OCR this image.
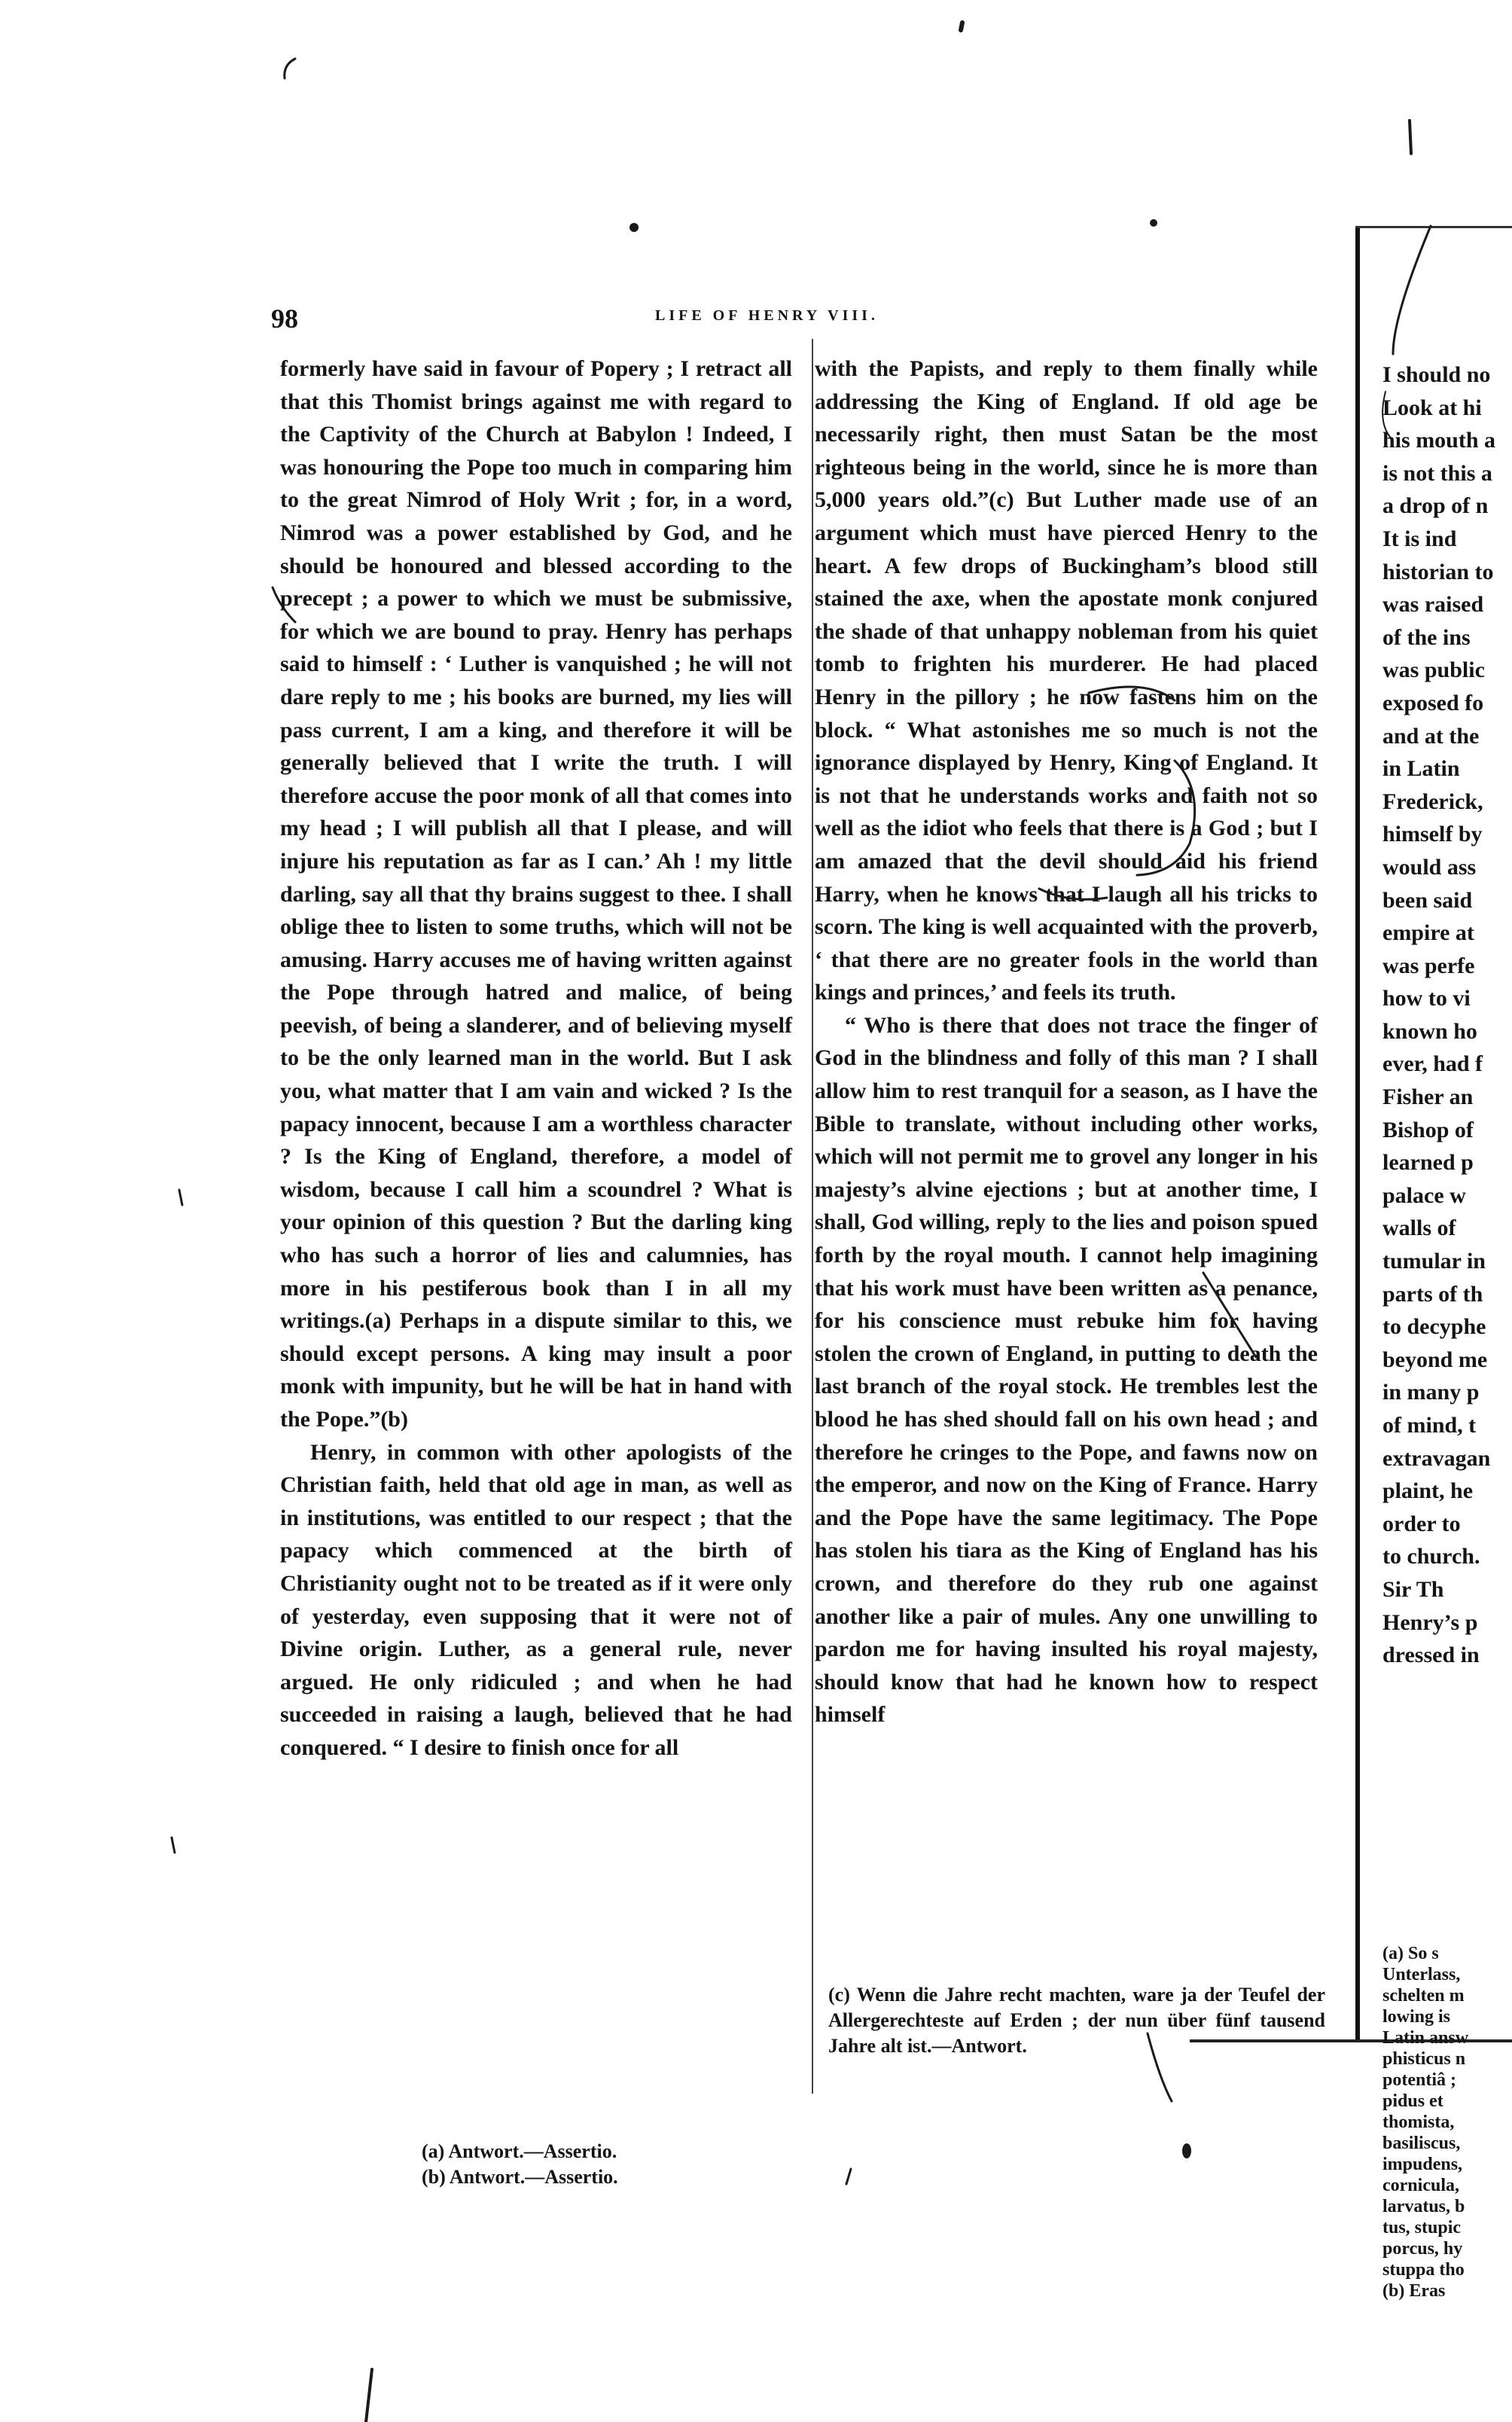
98	LIFE OF HENRY VIII.

formerly have said in favour of Popery ; I retract all that this Thomist brings against me with regard to the Captivity of the Church at Babylon ! Indeed, I was honouring the Pope too much in comparing him to the great Nimrod of Holy Writ ; for, in a word, Nimrod was a power established by God, and he should be honoured and blessed according to the precept ; a power to which we must be submissive, for which we are bound to pray. Henry has perhaps said to himself : ‘ Luther is vanquished ; he will not dare reply to me ; his books are burned, my lies will pass current, I am a king, and therefore it will be generally believed that I write the truth. I will therefore accuse the poor monk of all that comes into my head ; I will publish all that I please, and will injure his reputation as far as I can.’ Ah ! my little darling, say all that thy brains suggest to thee. I shall oblige thee to listen to some truths, which will not be amusing. Harry accuses me of having written against the Pope through hatred and malice, of being peevish, of being a slanderer, and of believing myself to be the only learned man in the world. But I ask you, what matter that I am vain and wicked ? Is the papacy innocent, because I am a worthless character ? Is the King of England, therefore, a model of wisdom, because I call him a scoundrel ? What is your opinion of this question ? But the darling king who has such a horror of lies and calumnies, has more in his pestiferous book than I in all my writings.(a) Perhaps in a dispute similar to this, we should except persons. A king may insult a poor monk with impunity, but he will be hat in hand with the Pope.”(b)

Henry, in common with other apologists of the Christian faith, held that old age in man, as well as in institutions, was entitled to our respect ; that the papacy which commenced at the birth of Christianity ought not to be treated as if it were only of yesterday, even supposing that it were not of Divine origin. Luther, as a general rule, never argued. He only ridiculed ; and when he had succeeded in raising a laugh, believed that he had conquered. “ I desire to finish once for all

(a) Antwort.—Assertio.
(b) Antwort.—Assertio.

with the Papists, and reply to them finally while addressing the King of England. If old age be necessarily right, then must Satan be the most righteous being in the world, since he is more than 5,000 years old.”(c) But Luther made use of an argument which must have pierced Henry to the heart. A few drops of Buckingham’s blood still stained the axe, when the apostate monk conjured the shade of that unhappy nobleman from his quiet tomb to frighten his murderer. He had placed Henry in the pillory ; he now fastens him on the block. “ What astonishes me so much is not the ignorance displayed by Henry, King of England. It is not that he understands works and faith not so well as the idiot who feels that there is a God ; but I am amazed that the devil should aid his friend Harry, when he knows that I laugh all his tricks to scorn. The king is well acquainted with the proverb, ‘ that there are no greater fools in the world than kings and princes,’ and feels its truth.

“ Who is there that does not trace the finger of God in the blindness and folly of this man ? I shall allow him to rest tranquil for a season, as I have the Bible to translate, without including other works, which will not permit me to grovel any longer in his majesty’s alvine ejections ; but at another time, I shall, God willing, reply to the lies and poison spued forth by the royal mouth. I cannot help imagining that his work must have been written as a penance, for his conscience must rebuke him for having stolen the crown of England, in putting to death the last branch of the royal stock. He trembles lest the blood he has shed should fall on his own head ; and therefore he cringes to the Pope, and fawns now on the emperor, and now on the King of France. Harry and the Pope have the same legitimacy. The Pope has stolen his tiara as the King of England has his crown, and therefore do they rub one against another like a pair of mules. Any one unwilling to pardon me for having insulted his royal majesty, should know that had he known how to respect himself

(c) Wenn die Jahre recht machten, ware ja der Teufel der Allergerechteste auf Erden ; der nun über fünf tausend Jahre alt ist.—Antwort.
I should no
Look at hi
his mouth a
is not this a
a drop of n
It is ind
historian to
was raised
of the ins
was public
exposed fo
and at the
in Latin
Frederick,
himself by
would ass
been said
empire at
was perfe
how to vi
known ho
ever, had f
Fisher an
Bishop of
learned p
palace w
walls of
tumular in
parts of th
to decyphe
beyond me
in many p
of mind, t
extravagan
plaint, he
order to
to church.
Sir Th
Henry’s p
dressed in
(a) So s
Unterlass,
schelten m
lowing is
Latin answ
phisticus n
potentiâ ;
pidus et
thomista,
basiliscus,
impudens,
cornicula,
larvatus, b
tus, stupic
porcus, hy
stuppa tho
(b) Eras
